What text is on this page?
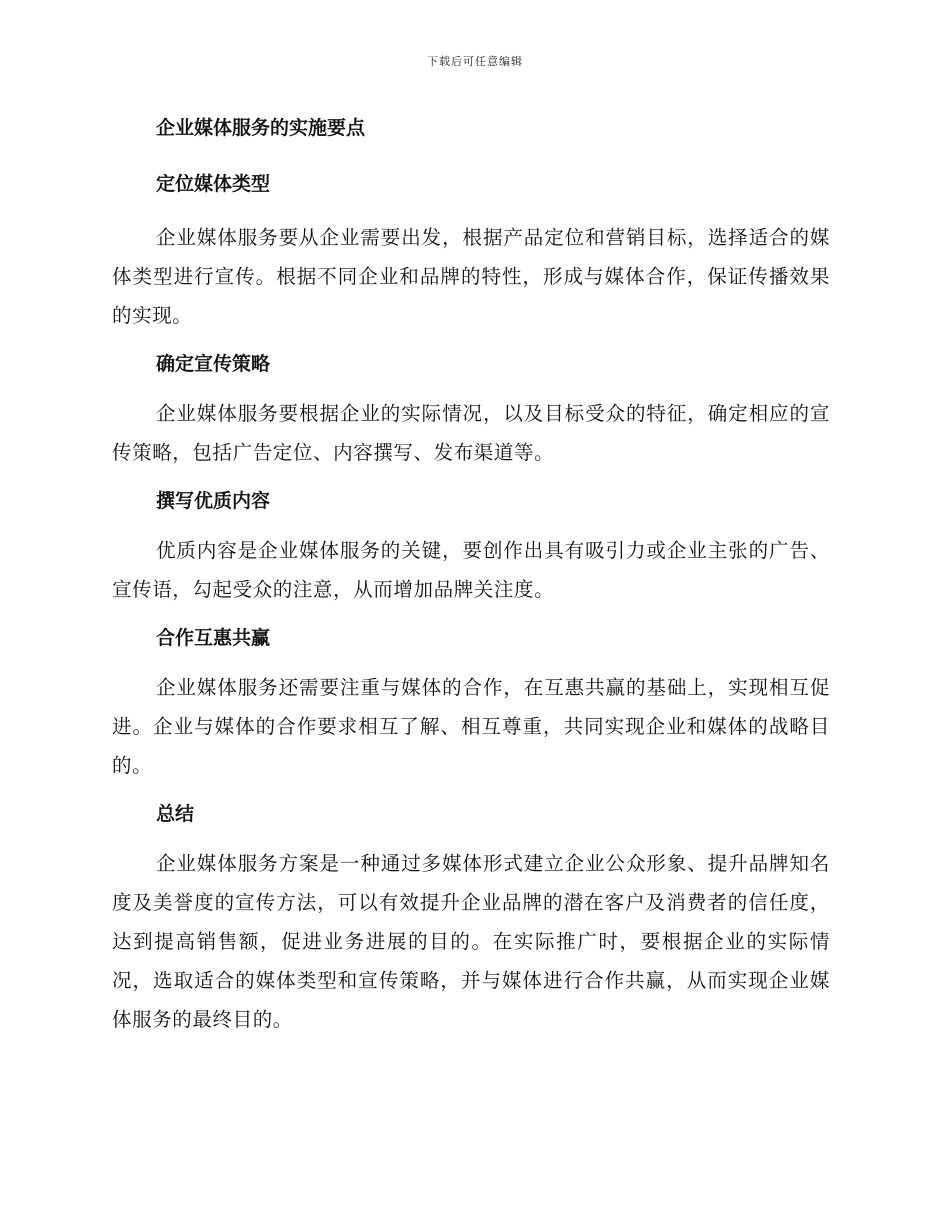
下载后可任意编辑
企业媒体服务的实施要点
定位媒体类型

企业媒体服务要从企业需要出发，根据产品定位和营销目标，选择适合的媒体类型进行宣传。根据不同企业和品牌的特性，形成与媒体合作，保证传播效果的实现。

确定宣传策略

企业媒体服务要根据企业的实际情况，以及目标受众的特征，确定相应的宣传策略，包括广告定位、内容撰写、发布渠道等。

撰写优质内容

优质内容是企业媒体服务的关键，要创作出具有吸引力或企业主张的广告、宣传语，勾起受众的注意，从而增加品牌关注度。

合作互惠共赢

企业媒体服务还需要注重与媒体的合作，在互惠共赢的基础上，实现相互促进。企业与媒体的合作要求相互了解、相互尊重，共同实现企业和媒体的战略目的。

总结

企业媒体服务方案是一种通过多媒体形式建立企业公众形象、提升品牌知名度及美誉度的宣传方法，可以有效提升企业品牌的潜在客户及消费者的信任度，达到提高销售额，促进业务进展的目的。在实际推广时，要根据企业的实际情况，选取适合的媒体类型和宣传策略，并与媒体进行合作共赢，从而实现企业媒体服务的最终目的。
